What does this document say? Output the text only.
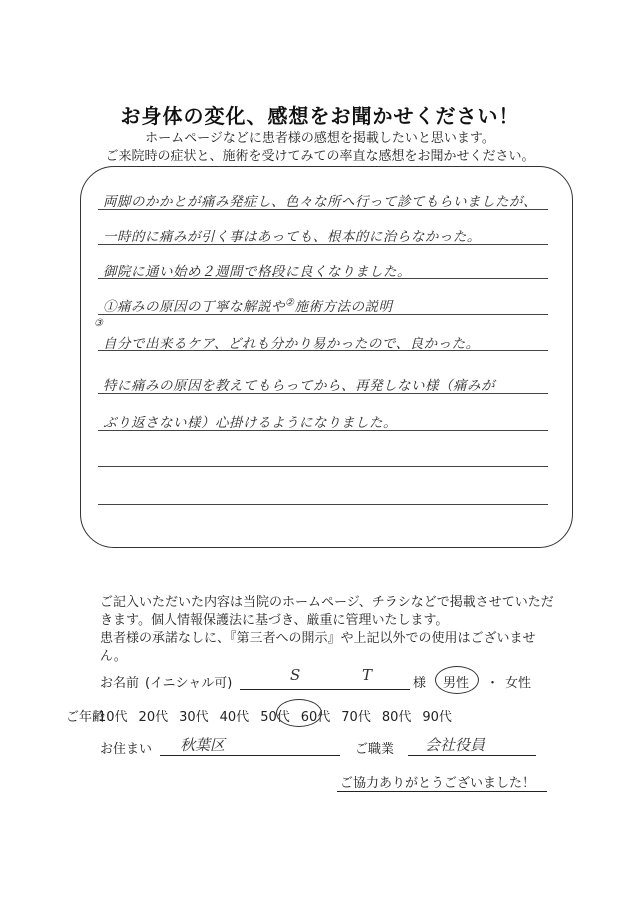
お身体の変化、感想をお聞かせください！
ホームページなどに患者様の感想を掲載したいと思います。
ご来院時の症状と、施術を受けてみての率直な感想をお聞かせください。
両脚のかかとが痛み発症し、色々な所へ行って診てもらいましたが、
一時的に痛みが引く事はあっても、根本的に治らなかった。
御院に通い始め２週間で格段に良くなりました。
①痛みの原因の丁寧な解説や②施術方法の説明
③
自分で出来るケア、どれも分かり易かったので、良かった。
特に痛みの原因を教えてもらってから、再発しない様（痛みが
ぶり返さない様）心掛けるようになりました。
ご記入いただいた内容は当院のホームページ、チラシなどで掲載させていただ
きます。個人情報保護法に基づき、厳重に管理いたします。
患者様の承諾なしに、『第三者への開示』や上記以外での使用はございませ
ん。
お名前 (イニシャル可)	S	T	様 男性 ・ 女性
ご年齢
10代 20代 30代 40代 50代 60代 70代 80代 90代
お住まい 秋葉区	ご職業 会社役員
ご協力ありがとうございました！
